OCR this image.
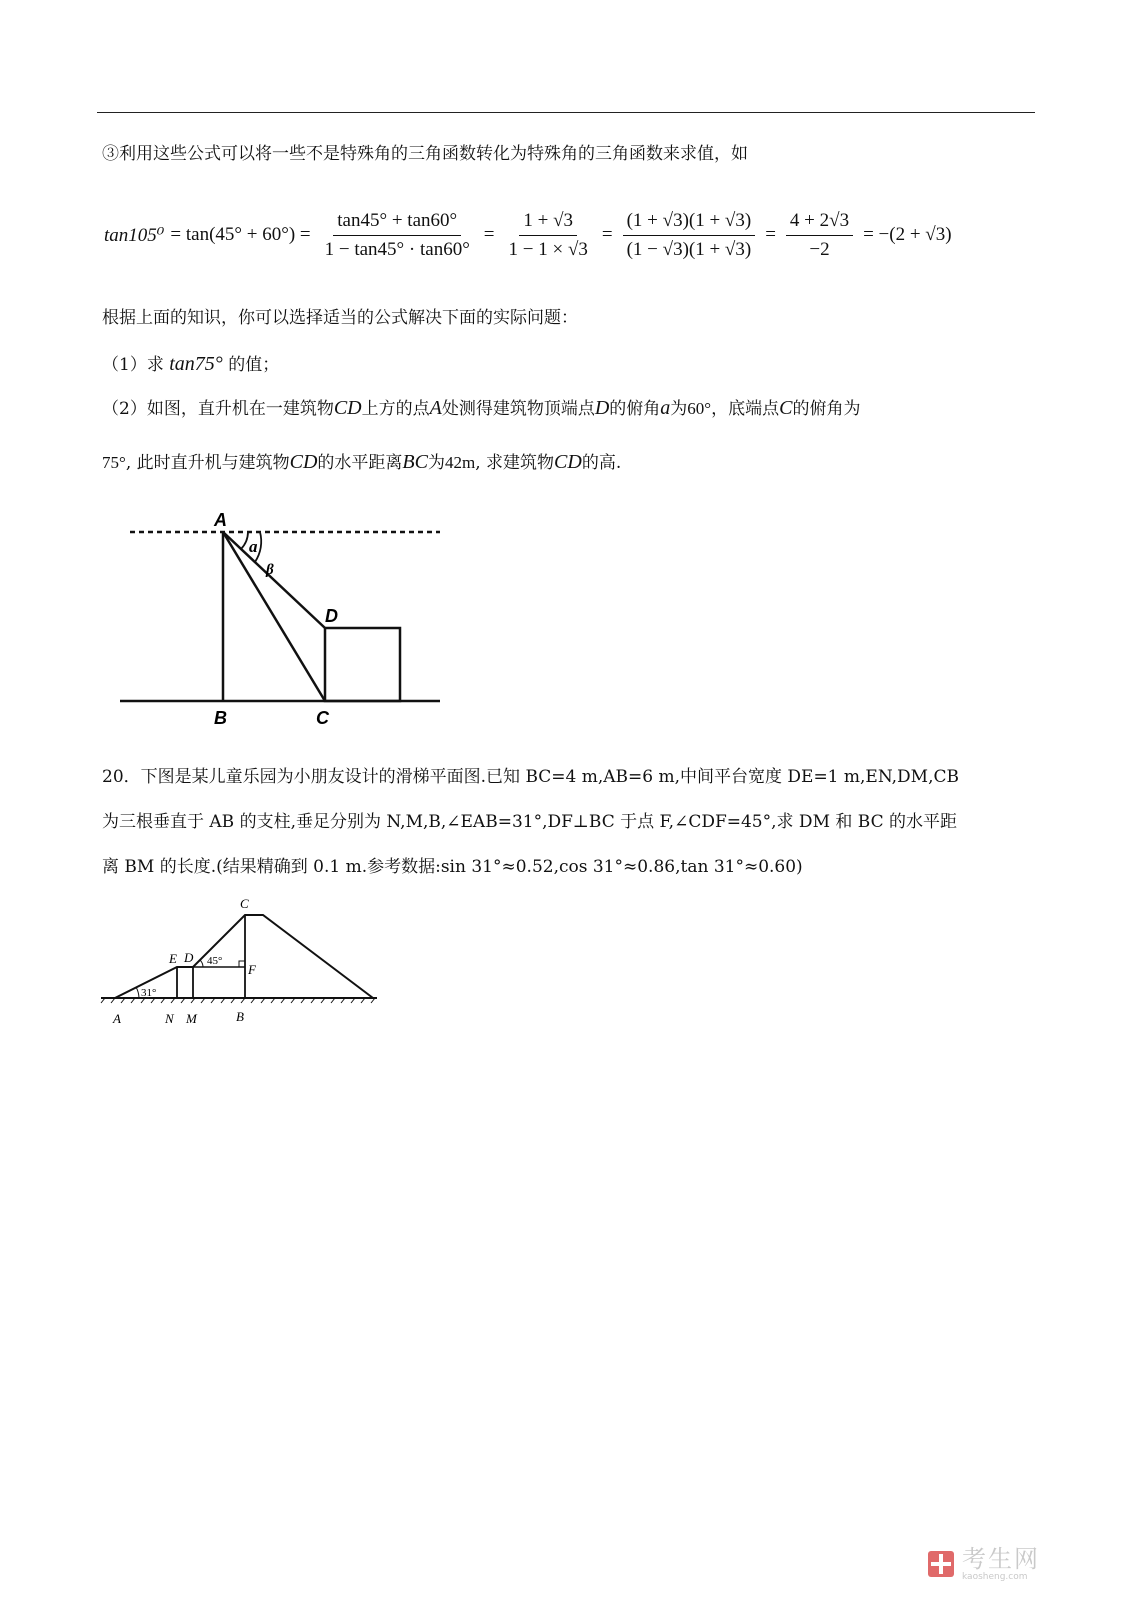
③利用这些公式可以将一些不是特殊角的三角函数转化为特殊角的三角函数来求值，如
$\tan 105^0 = \tan(45^\circ + 60^\circ) = \frac{\tan 45^\circ + \tan 60^\circ}{1 - \tan 45^\circ \cdot \tan 60^\circ} = \frac{1 + √3}{1 - 1 \times √3} = \frac{(1 + √3)(1 + √3)}{(1 - √3)(1 + √3)} = \frac{4 + 2√3}{-2} = -(2 + √3)$
根据上面的知识，你可以选择适当的公式解决下面的实际问题：
（1）求 tan75° 的值；
（2）如图，直升机在一建筑物CD上方的点A处测得建筑物顶端点D的俯角a为60°，底端点C的俯角为
75°, 此时直升机与建筑物CD的水平距离BC为42m, 求建筑物CD的高.
A
B	C
D
a
β
20．下图是某儿童乐园为小朋友设计的滑梯平面图.已知 BC=4 m,AB=6 m,中间平台宽度 DE=1 m,EN,DM,CB
为三根垂直于 AB 的支柱,垂足分别为 N,M,B,∠EAB=31°,DF⊥BC 于点 F,∠CDF=45°,求 DM 和 BC 的水平距
离 BM 的长度.(结果精确到 0.1 m.参考数据:sin 31°≈0.52,cos 31°≈0.86,tan 31°≈0.60)
31°
45°
C
E D
F
A	N M	B
考生网
kaosheng.com
